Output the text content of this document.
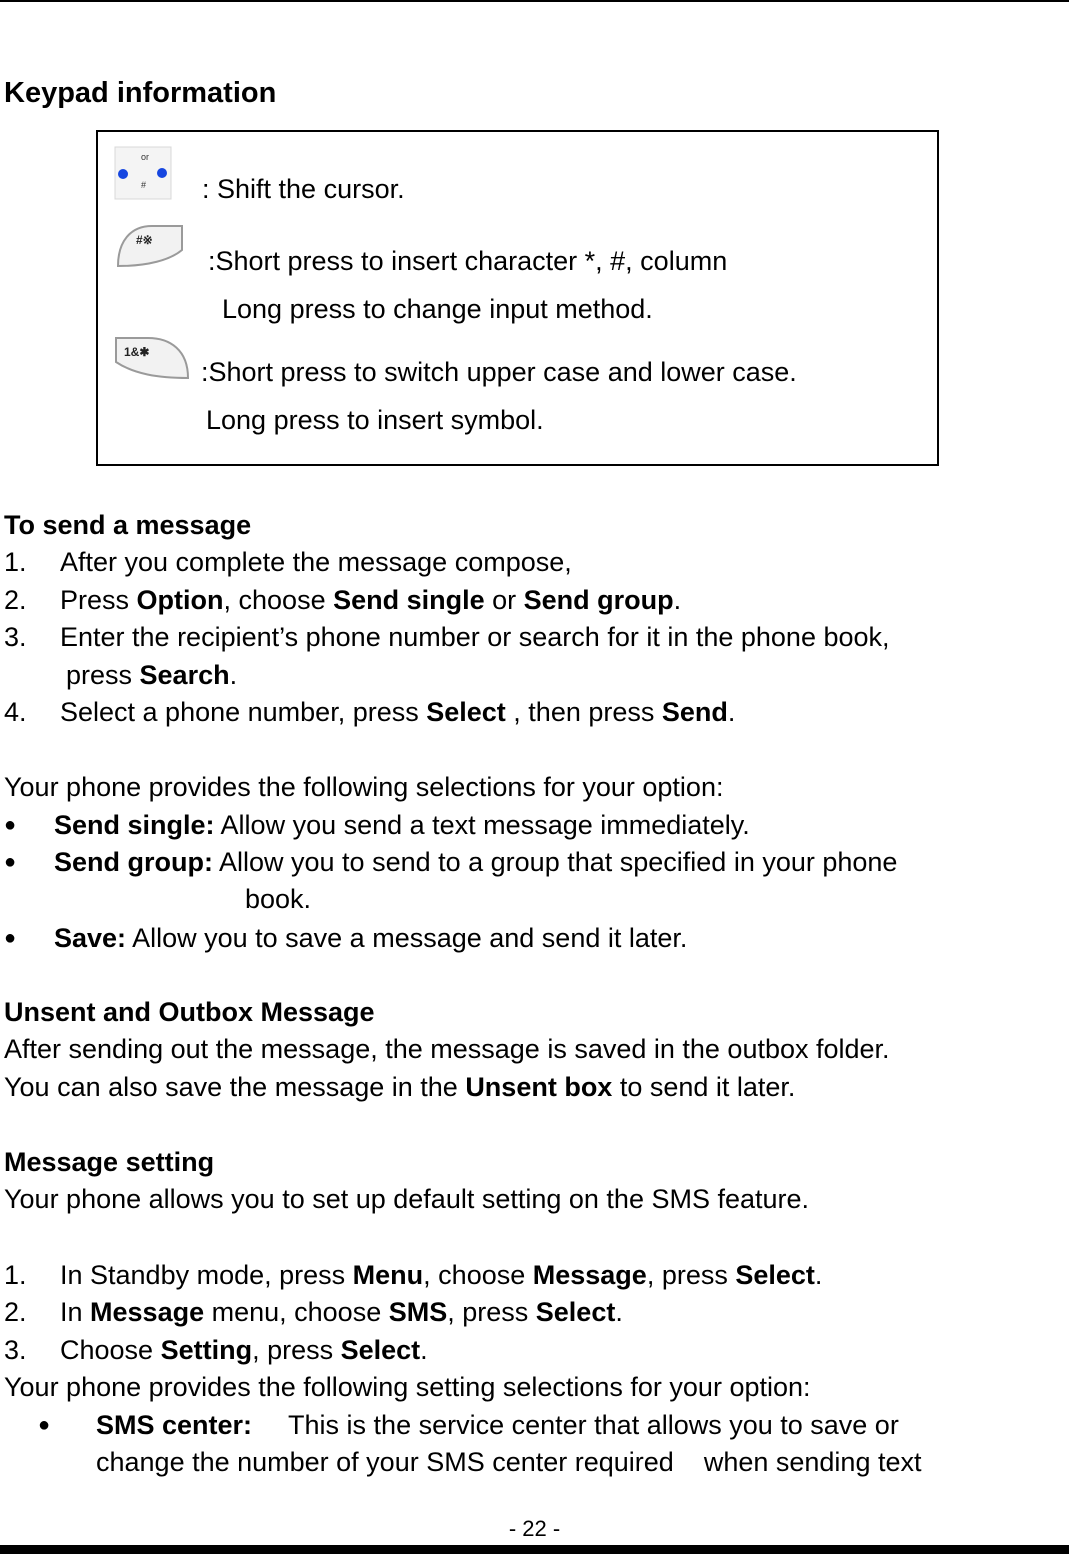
Keypad information
or
# : Shift the cursor.
#※
:Short press to insert character *, #, column
Long press to change input method.
1&✱
:Short press to switch upper case and lower case.
Long press to insert symbol.
To send a message
1. After you complete the message compose,
2. Press Option, choose Send single or Send group.
3. Enter the recipient’s phone number or search for it in the phone book,
press Search.
4. Select a phone number, press Select , then press Send.
Your phone provides the following selections for your option:
● Send single: Allow you send a text message immediately.
● Send group: Allow you to send to a group that specified in your phone
book.
● Save: Allow you to save a message and send it later.
Unsent and Outbox Message
After sending out the message, the message is saved in the outbox folder.
You can also save the message in the Unsent box to send it later.
Message setting
Your phone allows you to set up default setting on the SMS feature.
1. In Standby mode, press Menu, choose Message, press Select.
2. In Message menu, choose SMS, press Select.
3. Choose Setting, press Select.
Your phone provides the following setting selections for your option:
● SMS center: This is the service center that allows you to save or
change the number of your SMS center required    when sending text
- 22 -
